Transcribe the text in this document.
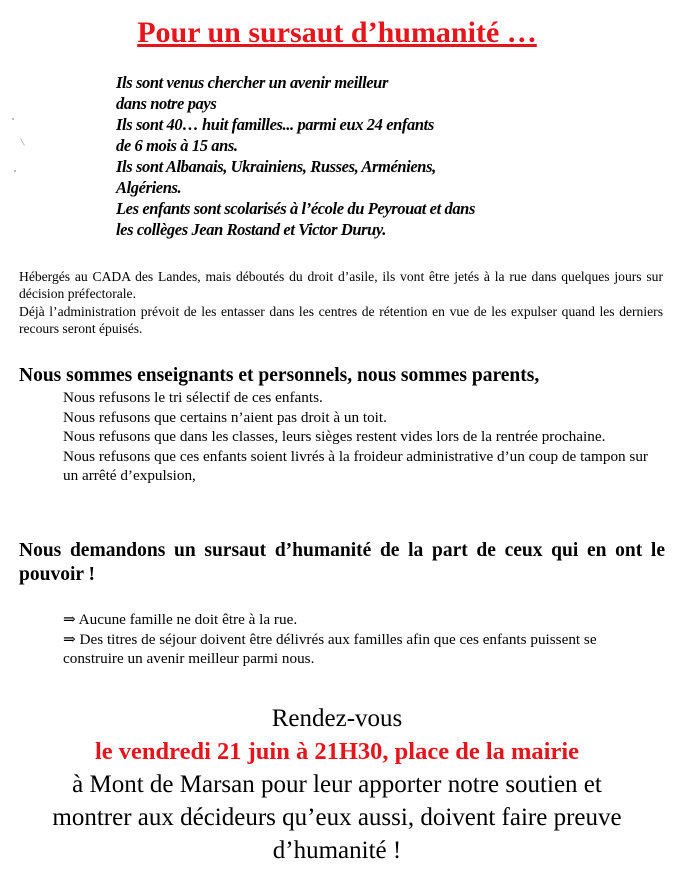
Pour un sursaut d’humanité …
Ils sont venus chercher un avenir meilleur
dans notre pays
Ils sont 40… huit familles... parmi eux 24 enfants
de 6 mois à 15 ans.
Ils sont Albanais, Ukrainiens, Russes, Arméniens,
Algériens.
Les enfants sont scolarisés à l’école du Peyrouat et dans
les collèges Jean Rostand et Victor Duruy.

Hébergés au CADA des Landes, mais déboutés du droit d’asile, ils vont être jetés à la rue dans quelques jours sur décision préfectorale.

Déjà l’administration prévoit de les entasser dans les centres de rétention en vue de les expulser quand les derniers recours seront épuisés.

Nous sommes enseignants et personnels, nous sommes parents,
Nous refusons le tri sélectif de ces enfants.
Nous refusons que certains n’aient pas droit à un toit.
Nous refusons que dans les classes, leurs sièges restent vides lors de la rentrée prochaine.
Nous refusons que ces enfants soient livrés à la froideur administrative d’un coup de tampon sur un arrêté d’expulsion,
Nous demandons un sursaut d’humanité de la part de ceux qui en ont le pouvoir !
⇒ Aucune famille ne doit être à la rue.
⇒ Des titres de séjour doivent être délivrés aux familles afin que ces enfants puissent se construire un avenir meilleur parmi nous.
Rendez-vous
le vendredi 21 juin à 21H30, place de la mairie
à Mont de Marsan pour leur apporter notre soutien et montrer aux décideurs qu’eux aussi, doivent faire preuve d’humanité !
